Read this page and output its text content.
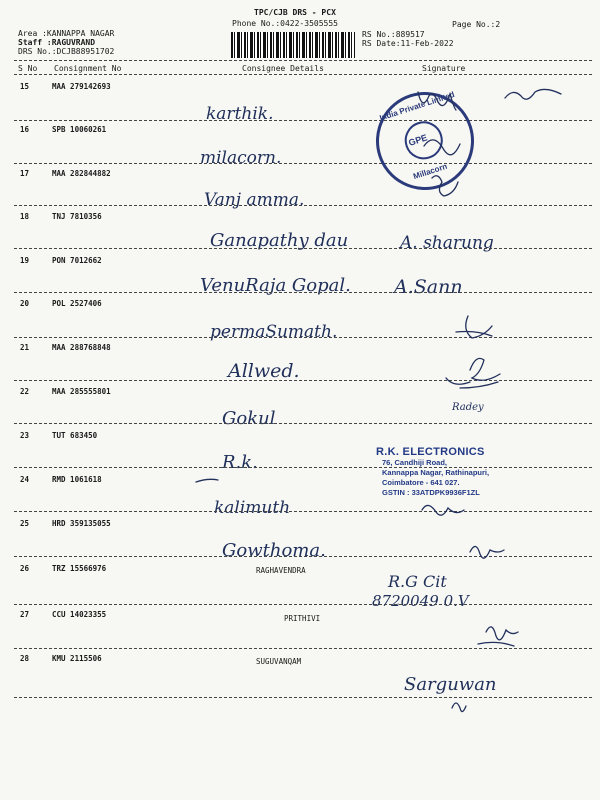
TPC/CJB DRS - PCX
Phone No.:0422-3505555	Page No.:2
Area :KANNAPPA NAGAR
Staff :RAGUVRAND
DRS No.:DCJB88951702
RS No.:889517
RS Date:11-Feb-2022
S No Consignment No	Consignee Details	Signature
15	MAA 279142693
karthik.
16	SPB 10060261
milacorn.
17	MAA 282844882
Vanj amma.
18	TNJ 7810356
Ganapathy dau	A. sharung
19	PON 7012662
VenuRaja Gopal. A.Sann
20	POL 2527406
permaSumath.
21	MAA 288768848
Allwed.
22	MAA 285555801
Gokul
Radey
23	TUT 683450
R.k.
24	RMD 1061618
kalimuth
25	HRD 359135055
Gowthoma.
26	TRZ 15566976	RAGHAVENDRA
R.G Cit
8720049 0.V
27	CCU 14023355	PRITHIVI
28	KMU 2115506	SUGUVANQAM
Sarguwan
India Private Limited
GPE
Millacorn
R.K. ELECTRONICS
76, Candhiji Road,
Kannappa Nagar, Rathinapuri,
Coimbatore - 641 027.
GSTIN : 33ATDPK9936F1ZL
